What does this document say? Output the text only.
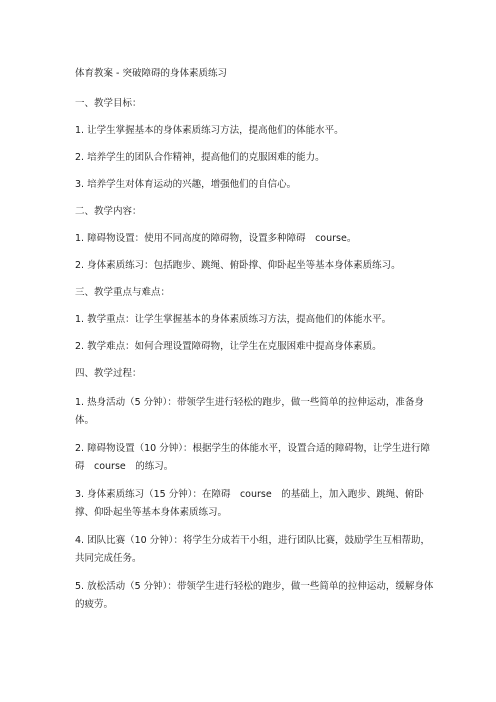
体育教案 - 突破障碍的身体素质练习

一、教学目标：

1. 让学生掌握基本的身体素质练习方法，提高他们的体能水平。

2. 培养学生的团队合作精神，提高他们的克服困难的能力。

3. 培养学生对体育运动的兴趣，增强他们的自信心。

二、教学内容：

1. 障碍物设置：使用不同高度的障碍物，设置多种障碍　course。

2. 身体素质练习：包括跑步、跳绳、俯卧撑、仰卧起坐等基本身体素质练习。

三、教学重点与难点：

1. 教学重点：让学生掌握基本的身体素质练习方法，提高他们的体能水平。

2. 教学难点：如何合理设置障碍物，让学生在克服困难中提高身体素质。

四、教学过程：

1. 热身活动（5 分钟）：带领学生进行轻松的跑步，做一些简单的拉伸运动，准备身体。

2. 障碍物设置（10 分钟）：根据学生的体能水平，设置合适的障碍物，让学生进行障碍　course　的练习。

3. 身体素质练习（15 分钟）：在障碍　course　的基础上，加入跑步、跳绳、俯卧撑、仰卧起坐等基本身体素质练习。

4. 团队比赛（10 分钟）：将学生分成若干小组，进行团队比赛，鼓励学生互相帮助，共同完成任务。

5. 放松活动（5 分钟）：带领学生进行轻松的跑步，做一些简单的拉伸运动，缓解身体的疲劳。
